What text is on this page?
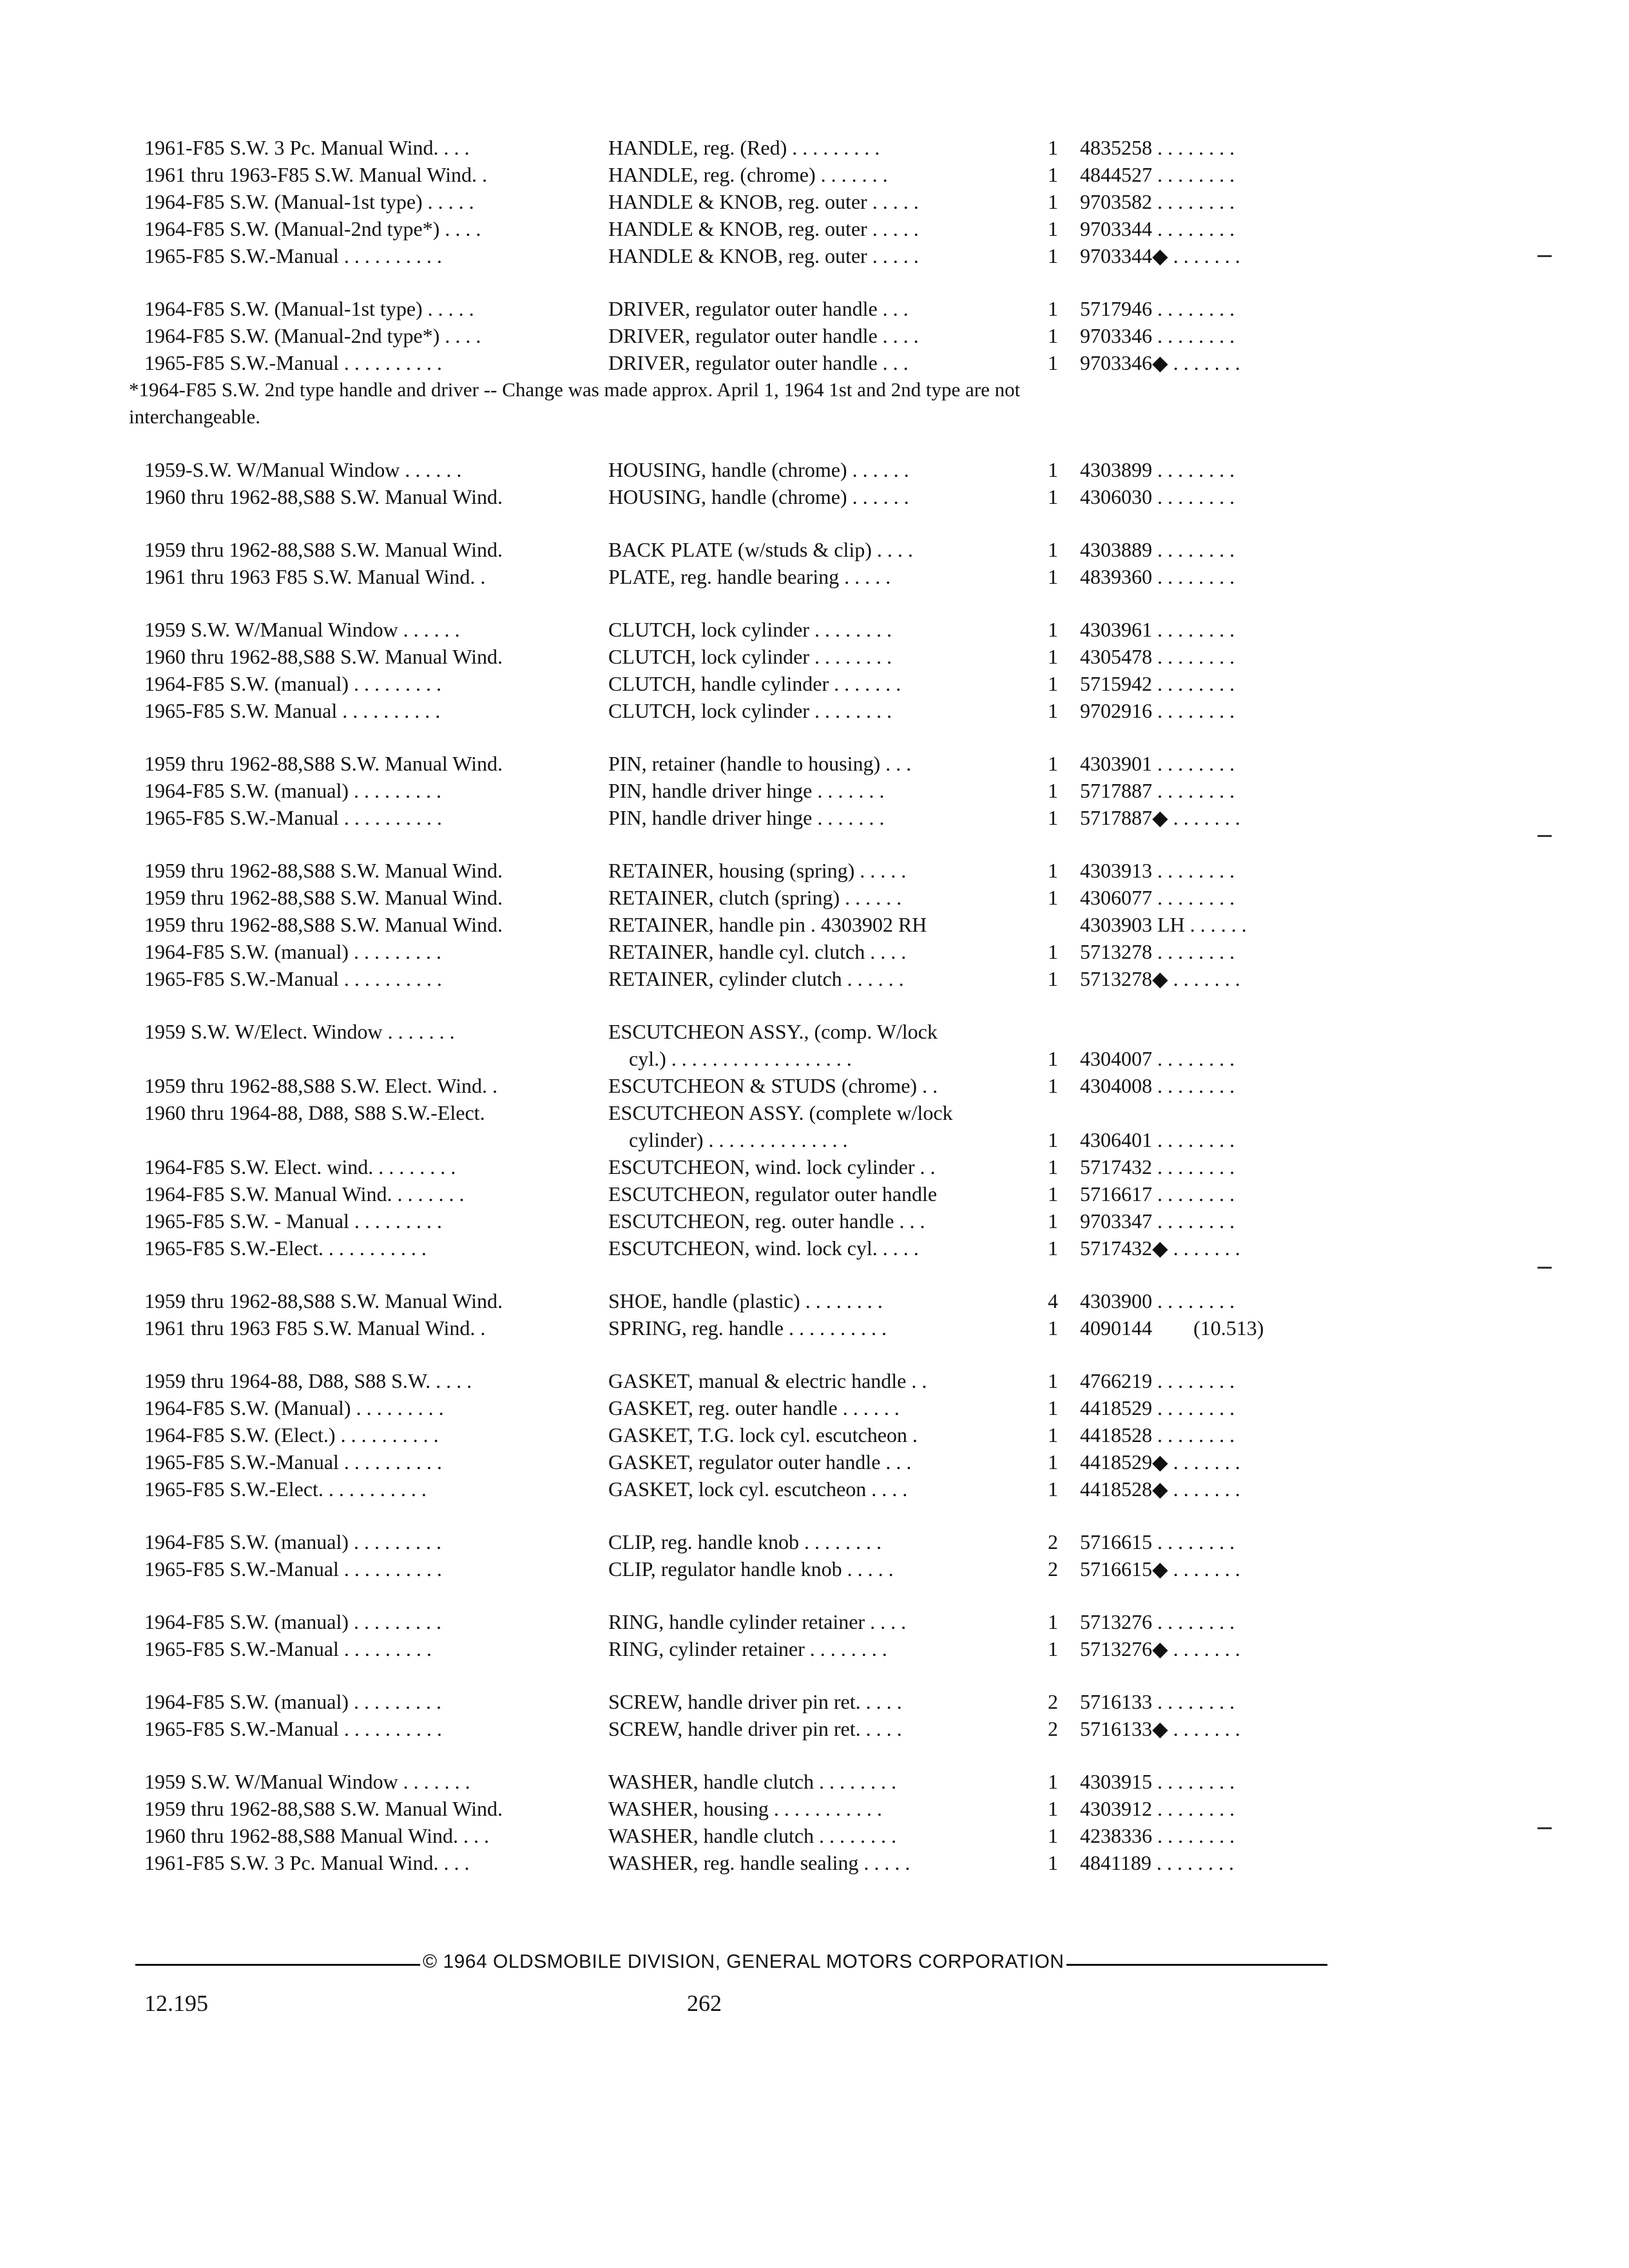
1961-F85 S.W. 3 Pc. Manual Wind. . . .	HANDLE, reg. (Red) . . . . . . . . .	1 4835258 . . . . . . . .
1961 thru 1963-F85 S.W. Manual Wind. .	HANDLE, reg. (chrome) . . . . . . .	1 4844527 . . . . . . . .
1964-F85 S.W. (Manual-1st type) . . . . .	HANDLE & KNOB, reg. outer . . . . .	1 9703582 . . . . . . . .
1964-F85 S.W. (Manual-2nd type*) . . . .	HANDLE & KNOB, reg. outer . . . . .	1 9703344 . . . . . . . .
1965-F85 S.W.-Manual . . . . . . . . . .	HANDLE & KNOB, reg. outer . . . . .	1 9703344◆ . . . . . . .
1964-F85 S.W. (Manual-1st type) . . . . .	DRIVER, regulator outer handle . . .	1 5717946 . . . . . . . .
1964-F85 S.W. (Manual-2nd type*) . . . .	DRIVER, regulator outer handle . . . .	1 9703346 . . . . . . . .
1965-F85 S.W.-Manual . . . . . . . . . .	DRIVER, regulator outer handle . . .	1 9703346◆ . . . . . . .
*1964-F85 S.W. 2nd type handle and driver -- Change was made approx. April 1, 1964 1st and 2nd type are not
interchangeable.
1959-S.W. W/Manual Window . . . . . .	HOUSING, handle (chrome) . . . . . .	1 4303899 . . . . . . . .
1960 thru 1962-88,S88 S.W. Manual Wind.	HOUSING, handle (chrome) . . . . . .	1 4306030 . . . . . . . .
1959 thru 1962-88,S88 S.W. Manual Wind.	BACK PLATE (w/studs & clip) . . . .	1 4303889 . . . . . . . .
1961 thru 1963 F85 S.W. Manual Wind. .	PLATE, reg. handle bearing . . . . .	1 4839360 . . . . . . . .
1959 S.W. W/Manual Window . . . . . .	CLUTCH, lock cylinder . . . . . . . .	1 4303961 . . . . . . . .
1960 thru 1962-88,S88 S.W. Manual Wind.	CLUTCH, lock cylinder . . . . . . . .	1 4305478 . . . . . . . .
1964-F85 S.W. (manual) . . . . . . . . .	CLUTCH, handle cylinder . . . . . . .	1 5715942 . . . . . . . .
1965-F85 S.W. Manual . . . . . . . . . .	CLUTCH, lock cylinder . . . . . . . .	1 9702916 . . . . . . . .
1959 thru 1962-88,S88 S.W. Manual Wind.	PIN, retainer (handle to housing) . . .	1 4303901 . . . . . . . .
1964-F85 S.W. (manual) . . . . . . . . .	PIN, handle driver hinge . . . . . . .	1 5717887 . . . . . . . .
1965-F85 S.W.-Manual . . . . . . . . . .	PIN, handle driver hinge . . . . . . .	1 5717887◆ . . . . . . .
1959 thru 1962-88,S88 S.W. Manual Wind.	RETAINER, housing (spring) . . . . .	1 4303913 . . . . . . . .
1959 thru 1962-88,S88 S.W. Manual Wind.	RETAINER, clutch (spring) . . . . . .	1 4306077 . . . . . . . .
1959 thru 1962-88,S88 S.W. Manual Wind.	RETAINER, handle pin . 4303902 RH	4303903 LH . . . . . .
1964-F85 S.W. (manual) . . . . . . . . .	RETAINER, handle cyl. clutch . . . .	1 5713278 . . . . . . . .
1965-F85 S.W.-Manual . . . . . . . . . .	RETAINER, cylinder clutch . . . . . .	1 5713278◆ . . . . . . .
1959 S.W. W/Elect. Window . . . . . . .	ESCUTCHEON ASSY., (comp. W/lock
cyl.) . . . . . . . . . . . . . . . . . .	1 4304007 . . . . . . . .
1959 thru 1962-88,S88 S.W. Elect. Wind. .	ESCUTCHEON & STUDS (chrome) . .	1 4304008 . . . . . . . .
1960 thru 1964-88, D88, S88 S.W.-Elect.	ESCUTCHEON ASSY. (complete w/lock
cylinder) . . . . . . . . . . . . . .	1 4306401 . . . . . . . .
1964-F85 S.W. Elect. wind. . . . . . . . .	ESCUTCHEON, wind. lock cylinder . .	1 5717432 . . . . . . . .
1964-F85 S.W. Manual Wind. . . . . . . .	ESCUTCHEON, regulator outer handle	1 5716617 . . . . . . . .
1965-F85 S.W. - Manual . . . . . . . . .	ESCUTCHEON, reg. outer handle . . .	1 9703347 . . . . . . . .
1965-F85 S.W.-Elect. . . . . . . . . . .	ESCUTCHEON, wind. lock cyl. . . . .	1 5717432◆ . . . . . . .
1959 thru 1962-88,S88 S.W. Manual Wind.	SHOE, handle (plastic) . . . . . . . .	4 4303900 . . . . . . . .
1961 thru 1963 F85 S.W. Manual Wind. .	SPRING, reg. handle . . . . . . . . . .	1 4090144        (10.513)
1959 thru 1964-88, D88, S88 S.W. . . . .	GASKET, manual & electric handle . .	1 4766219 . . . . . . . .
1964-F85 S.W. (Manual) . . . . . . . . .	GASKET, reg. outer handle . . . . . .	1 4418529 . . . . . . . .
1964-F85 S.W. (Elect.) . . . . . . . . . .	GASKET, T.G. lock cyl. escutcheon .	1 4418528 . . . . . . . .
1965-F85 S.W.-Manual . . . . . . . . . .	GASKET, regulator outer handle . . .	1 4418529◆ . . . . . . .
1965-F85 S.W.-Elect. . . . . . . . . . .	GASKET, lock cyl. escutcheon . . . .	1 4418528◆ . . . . . . .
1964-F85 S.W. (manual) . . . . . . . . .	CLIP, reg. handle knob . . . . . . . .	2 5716615 . . . . . . . .
1965-F85 S.W.-Manual . . . . . . . . . .	CLIP, regulator handle knob . . . . .	2 5716615◆ . . . . . . .
1964-F85 S.W. (manual) . . . . . . . . .	RING, handle cylinder retainer . . . .	1 5713276 . . . . . . . .
1965-F85 S.W.-Manual . . . . . . . . .	RING, cylinder retainer . . . . . . . .	1 5713276◆ . . . . . . .
1964-F85 S.W. (manual) . . . . . . . . .	SCREW, handle driver pin ret. . . . .	2 5716133 . . . . . . . .
1965-F85 S.W.-Manual . . . . . . . . . .	SCREW, handle driver pin ret. . . . .	2 5716133◆ . . . . . . .
1959 S.W. W/Manual Window . . . . . . .	WASHER, handle clutch . . . . . . . .	1 4303915 . . . . . . . .
1959 thru 1962-88,S88 S.W. Manual Wind.	WASHER, housing . . . . . . . . . . .	1 4303912 . . . . . . . .
1960 thru 1962-88,S88 Manual Wind. . . .	WASHER, handle clutch . . . . . . . .	1 4238336 . . . . . . . .
1961-F85 S.W. 3 Pc. Manual Wind. . . .	WASHER, reg. handle sealing . . . . .	1 4841189 . . . . . . . .
© 1964 OLDSMOBILE DIVISION, GENERAL MOTORS CORPORATION
12.195	262
